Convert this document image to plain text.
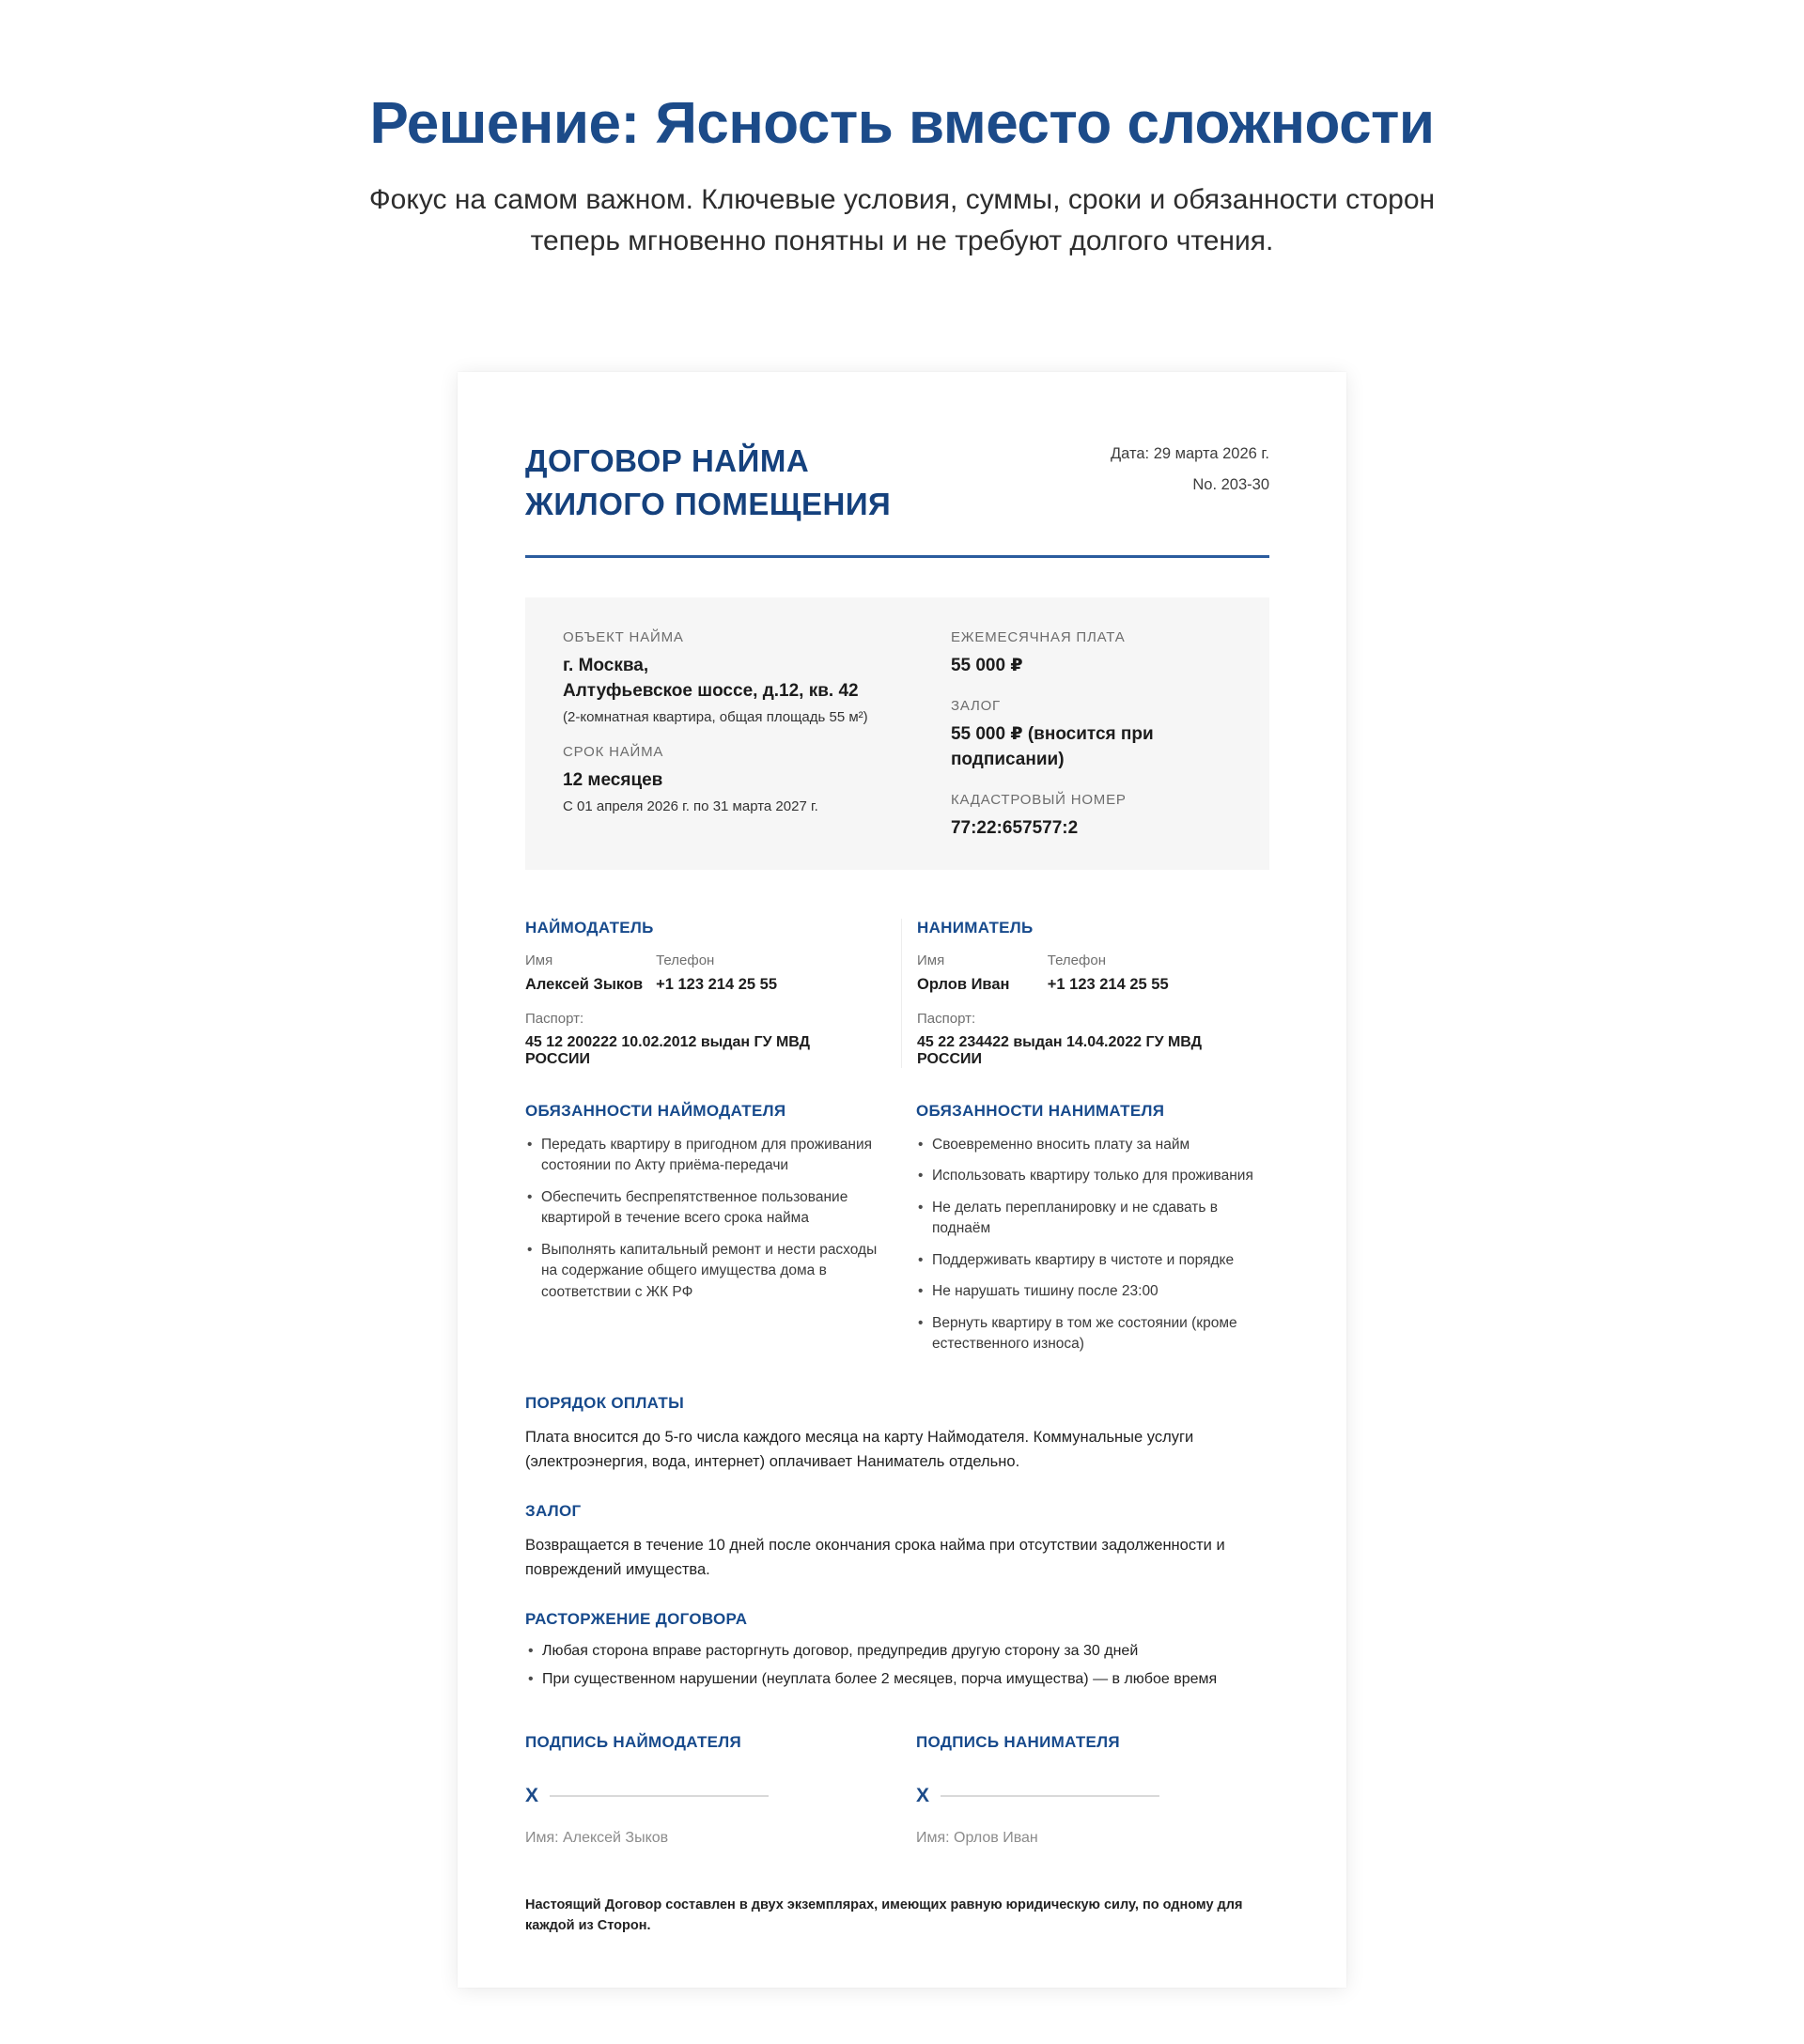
Решение: Ясность вместо сложности

Фокус на самом важном. Ключевые условия, суммы, сроки и обязанности сторон теперь мгновенно понятны и не требуют долгого чтения.

ДОГОВОР НАЙМА
ЖИЛОГО ПОМЕЩЕНИЯ
Дата: 29 марта 2026 г.
No. 203-30
ОБЪЕКТ НАЙМА
г. Москва,
Алтуфьевское шоссе, д.12, кв. 42
(2-комнатная квартира, общая площадь 55 м²)
СРОК НАЙМА
12 месяцев
С 01 апреля 2026 г. по 31 марта 2027 г.
ЕЖЕМЕСЯЧНАЯ ПЛАТА
55 000 ₽
ЗАЛОГ
55 000 ₽ (вносится при подписании)
КАДАСТРОВЫЙ НОМЕР
77:22:657577:2
НАЙМОДАТЕЛЬ
Имя	Телефон
Алексей Зыков +1 123 214 25 55
Паспорт:
45 12 200222 10.02.2012 выдан ГУ МВД РОССИИ
НАНИМАТЕЛЬ
Имя	Телефон
Орлов Иван	+1 123 214 25 55
Паспорт:
45 22 234422 выдан 14.04.2022 ГУ МВД РОССИИ
ОБЯЗАННОСТИ НАЙМОДАТЕЛЯ
• Передать квартиру в пригодном для проживания состоянии по Акту приёма-передачи
• Обеспечить беспрепятственное пользование квартирой в течение всего срока найма
• Выполнять капитальный ремонт и нести расходы на содержание общего имущества дома в соответствии с ЖК РФ
ОБЯЗАННОСТИ НАНИМАТЕЛЯ
• Своевременно вносить плату за найм
• Использовать квартиру только для проживания
• Не делать перепланировку и не сдавать в поднаём
• Поддерживать квартиру в чистоте и порядке
• Не нарушать тишину после 23:00
• Вернуть квартиру в том же состоянии (кроме естественного износа)
ПОРЯДОК ОПЛАТЫ

Плата вносится до 5-го числа каждого месяца на карту Наймодателя. Коммунальные услуги (электроэнергия, вода, интернет) оплачивает Наниматель отдельно.

ЗАЛОГ

Возвращается в течение 10 дней после окончания срока найма при отсутствии задолженности и повреждений имущества.

РАСТОРЖЕНИЕ ДОГОВОРА
• Любая сторона вправе расторгнуть договор, предупредив другую сторону за 30 дней
• При существенном нарушении (неуплата более 2 месяцев, порча имущества) — в любое время
ПОДПИСЬ НАЙМОДАТЕЛЯ
X
Имя: Алексей Зыков
ПОДПИСЬ НАНИМАТЕЛЯ
X
Имя: Орлов Иван

Настоящий Договор составлен в двух экземплярах, имеющих равную юридическую силу, по одному для каждой из Сторон.
